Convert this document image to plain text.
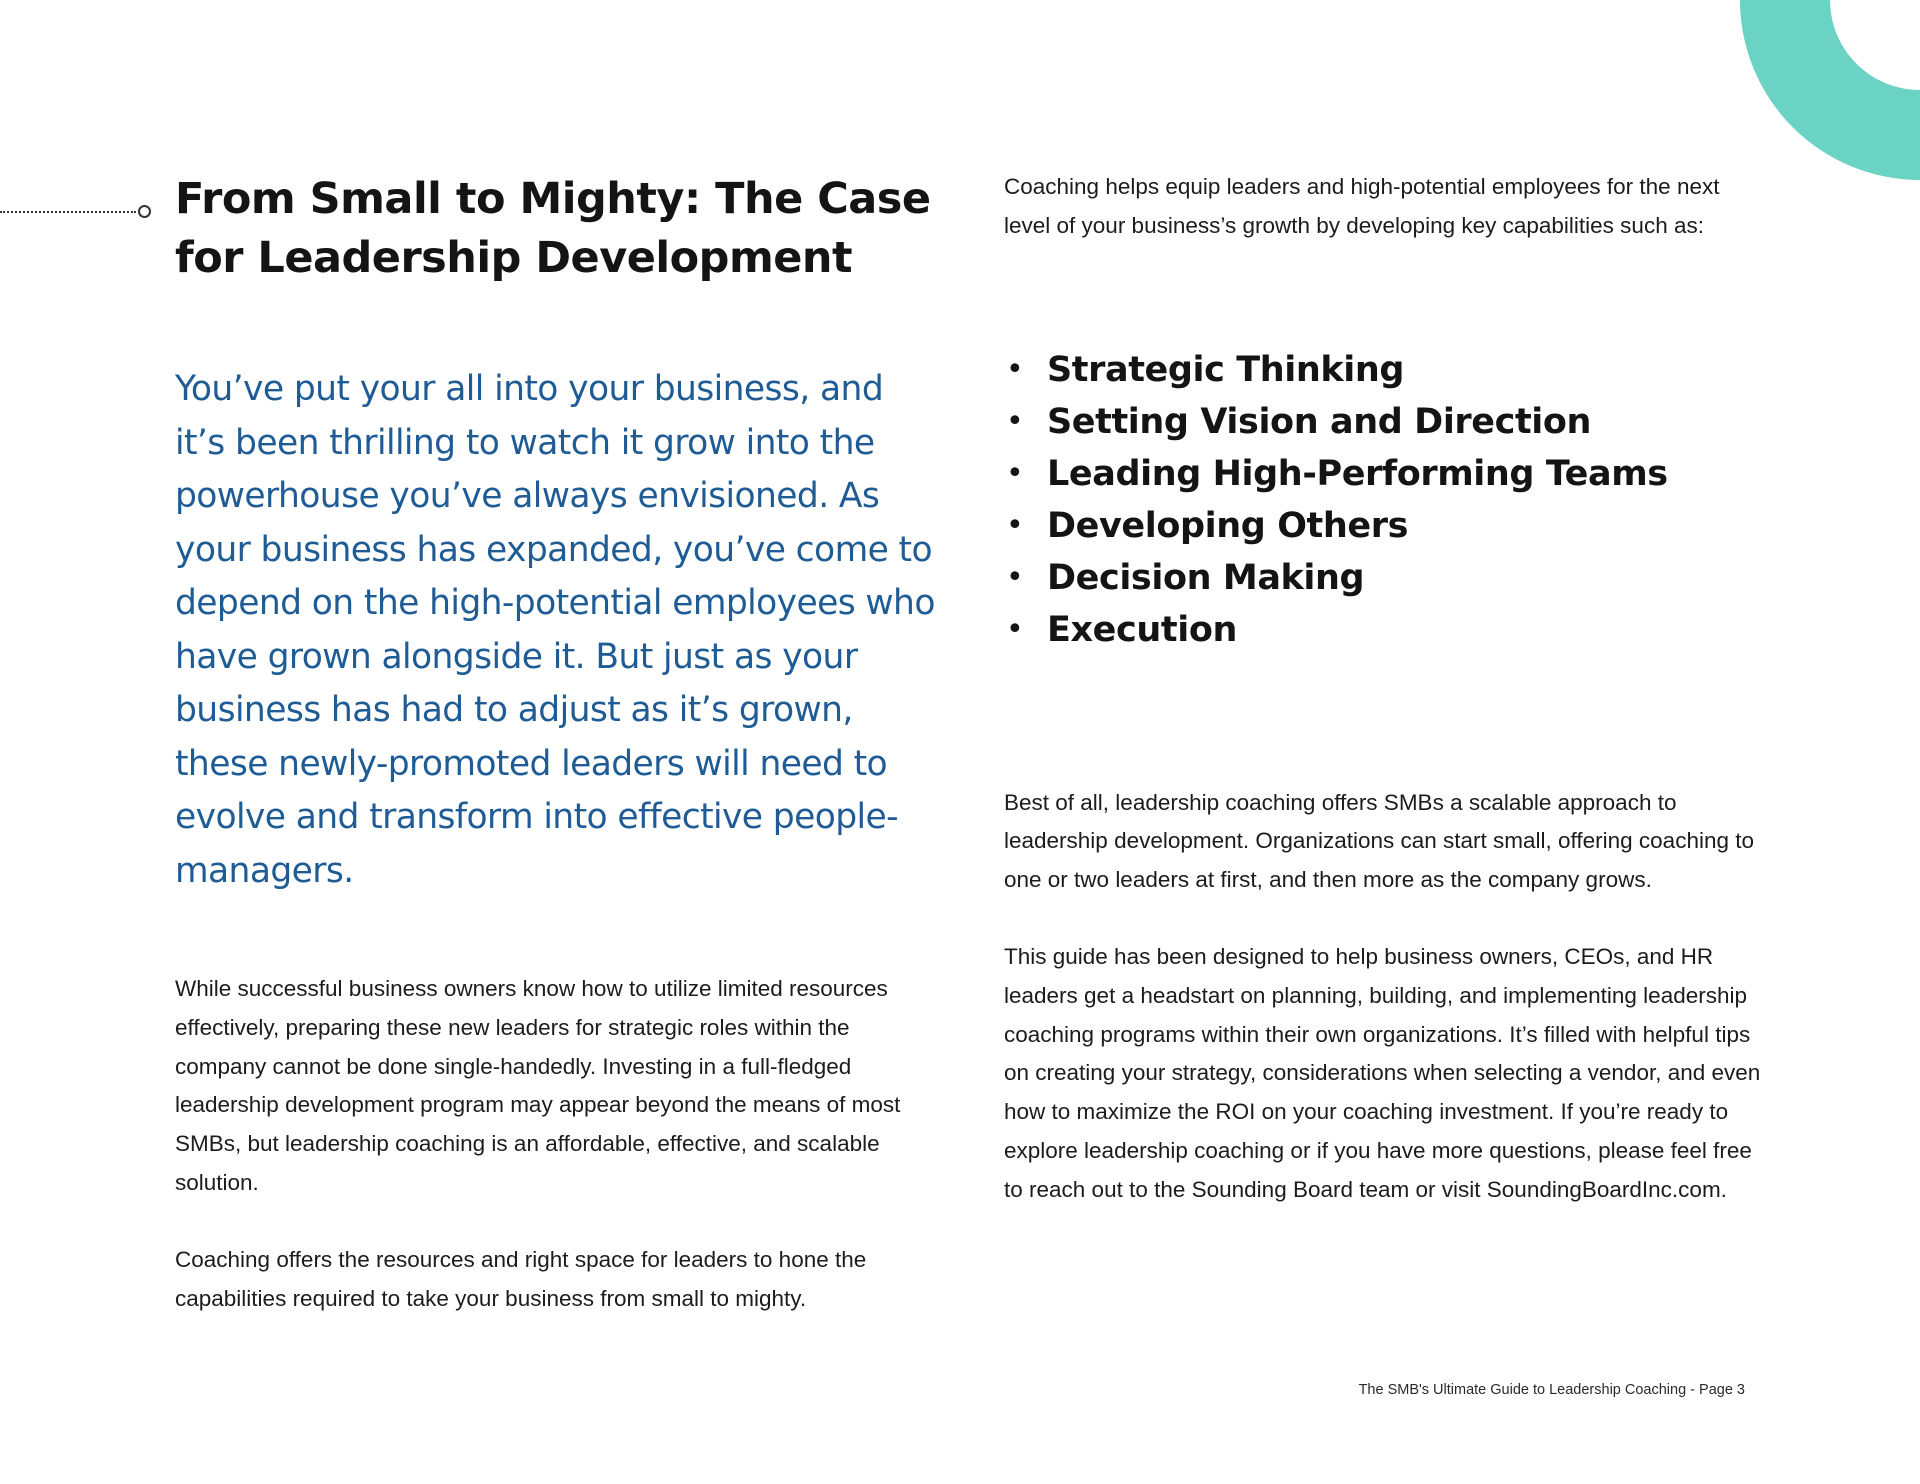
From Small to Mighty: The Case for Leadership Development

You’ve put your all into your business, and it’s been thrilling to watch it grow into the powerhouse you’ve always envisioned. As your business has expanded, you’ve come to depend on the high-potential employees who have grown alongside it. But just as your business has had to adjust as it’s grown, these newly-promoted leaders will need to evolve and transform into effective people-managers.

While successful business owners know how to utilize limited resources effectively, preparing these new leaders for strategic roles within the company cannot be done single-handedly. Investing in a full-fledged leadership development program may appear beyond the means of most SMBs, but leadership coaching is an affordable, effective, and scalable solution.

Coaching offers the resources and right space for leaders to hone the capabilities required to take your business from small to mighty.

Coaching helps equip leaders and high-potential employees for the next level of your business’s growth by developing key capabilities such as:

• Strategic Thinking
• Setting Vision and Direction
• Leading High-Performing Teams
• Developing Others
• Decision Making
• Execution

Best of all, leadership coaching offers SMBs a scalable approach to leadership development. Organizations can start small, offering coaching to one or two leaders at first, and then more as the company grows.

This guide has been designed to help business owners, CEOs, and HR leaders get a headstart on planning, building, and implementing leadership coaching programs within their own organizations. It’s filled with helpful tips on creating your strategy, considerations when selecting a vendor, and even how to maximize the ROI on your coaching investment. If you’re ready to explore leadership coaching or if you have more questions, please feel free to reach out to the Sounding Board team or visit SoundingBoardInc.com.

The SMB's Ultimate Guide to Leadership Coaching - Page 3
